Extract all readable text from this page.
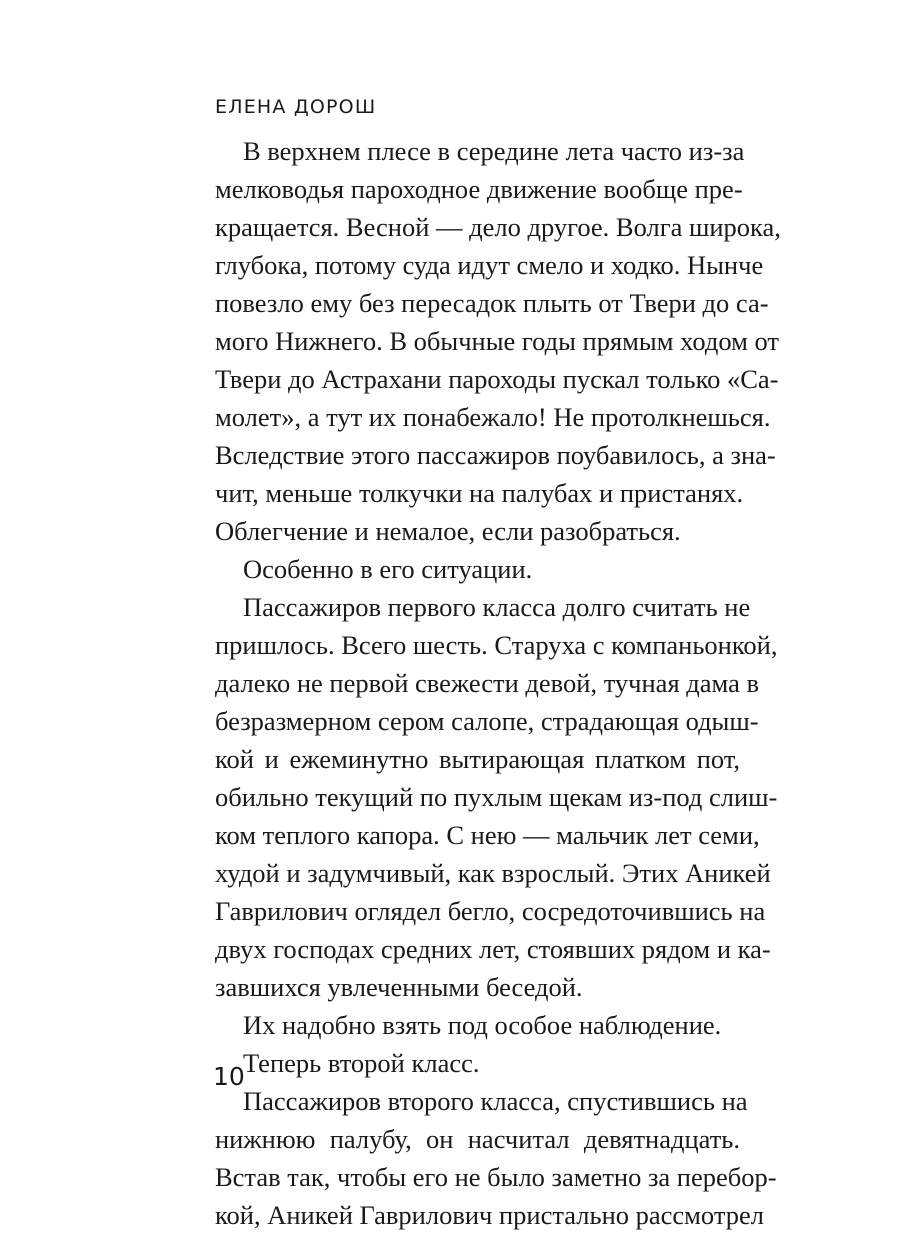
ЕЛЕНА ДОРОШ
В верхнем плесе в середине лета часто из-за
мелководья пароходное движение вообще пре-
кращается. Весной — дело другое. Волга широка,
глубока, потому суда идут смело и ходко. Нынче
повезло ему без пересадок плыть от Твери до са-
мого Нижнего. В обычные годы прямым ходом от
Твери до Астрахани пароходы пускал только «Са-
молет», а тут их понабежало! Не протолкнешься.
Вследствие этого пассажиров поубавилось, а зна-
чит, меньше толкучки на палубах и пристанях.
Облегчение и немалое, если разобраться.
Особенно в его ситуации.
Пассажиров первого класса долго считать не
пришлось. Всего шесть. Старуха с компаньонкой,
далеко не первой свежести девой, тучная дама в
безразмерном сером салопе, страдающая одыш-
кой и ежеминутно вытирающая платком пот,
обильно текущий по пухлым щекам из-под слиш-
ком теплого капора. С нею — мальчик лет семи,
худой и задумчивый, как взрослый. Этих Аникей
Гаврилович оглядел бегло, сосредоточившись на
двух господах средних лет, стоявших рядом и ка-
завшихся увлеченными беседой.
Их надобно взять под особое наблюдение.
Теперь второй класс.
Пассажиров второго класса, спустившись на
нижнюю палубу, он насчитал девятнадцать.
Встав так, чтобы его не было заметно за перебор-
кой, Аникей Гаврилович пристально рассмотрел
10
